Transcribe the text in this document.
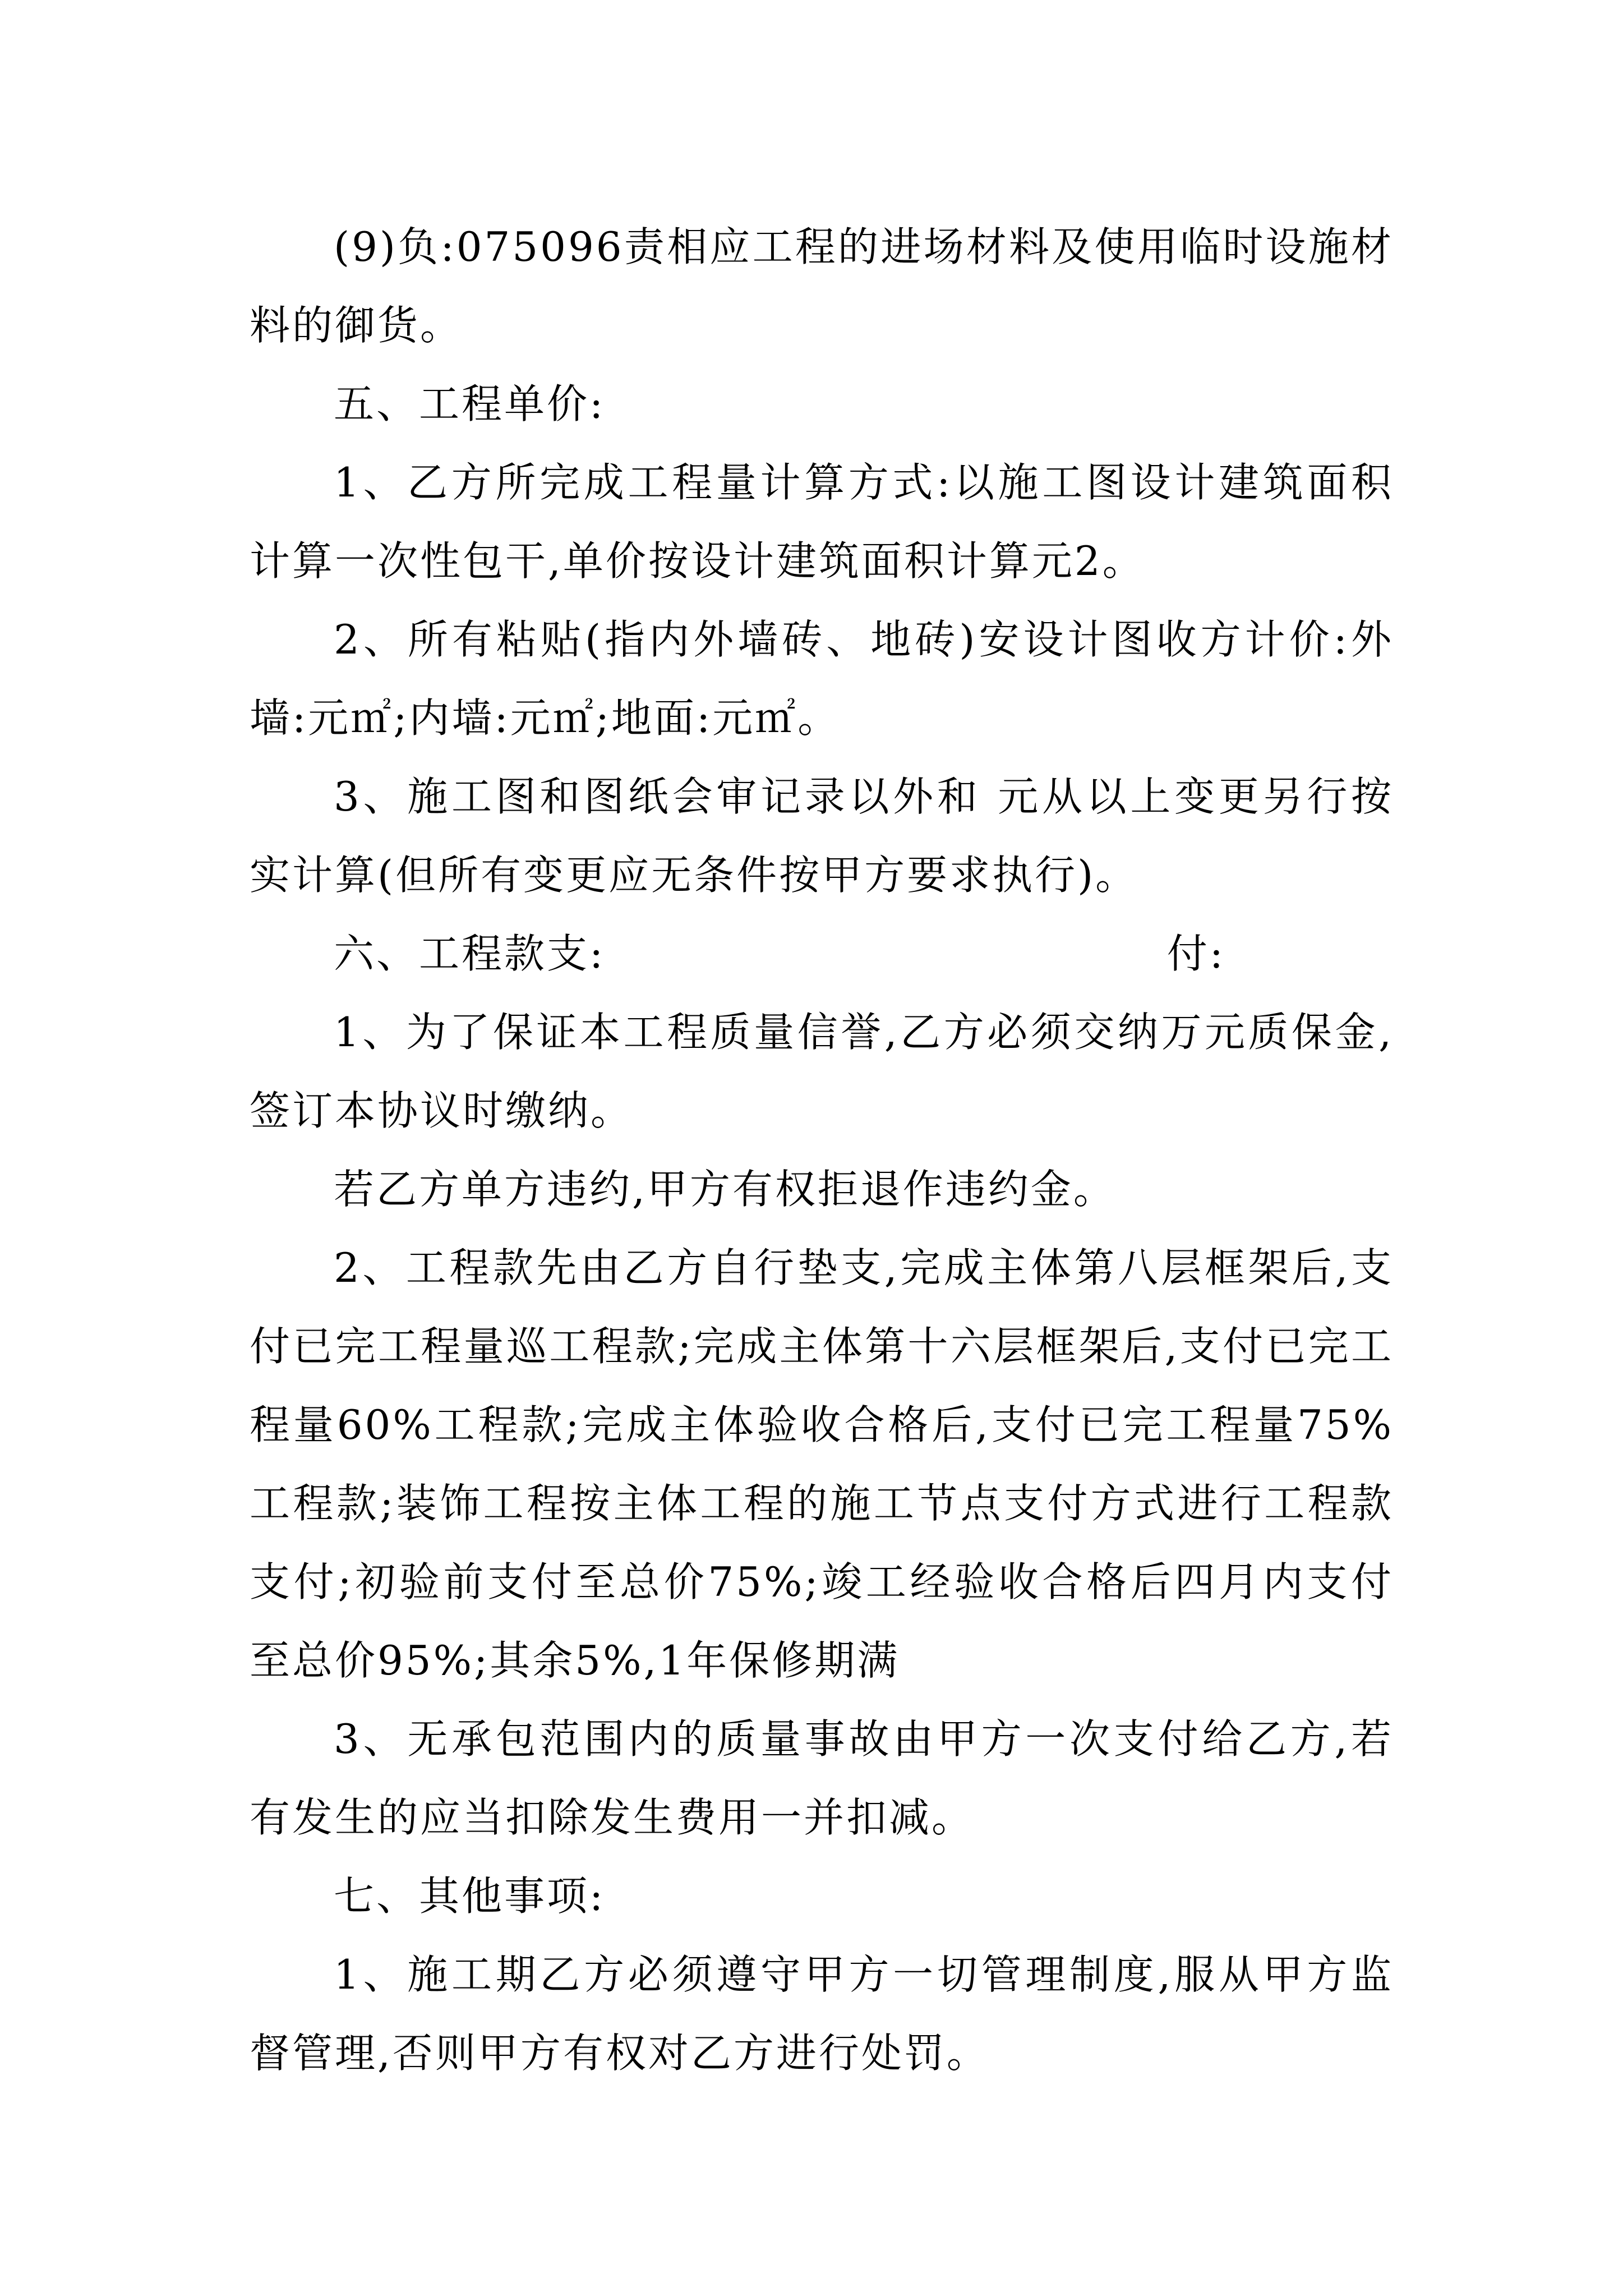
(9)负:075096责相应工程的进场材料及使用临时设施材料的御货。

五、工程单价:

1、乙方所完成工程量计算方式:以施工图设计建筑面积计算一次性包干,单价按设计建筑面积计算元2。

2、所有粘贴(指内外墙砖、地砖)安设计图收方计价:外墙:元㎡;内墙:元㎡;地面:元㎡。

3、施工图和图纸会审记录以外和 元从以上变更另行按实计算(但所有变更应无条件按甲方要求执行)。

六、工程款支:	付:

1、为了保证本工程质量信誉,乙方必须交纳万元质保金,签订本协议时缴纳。

若乙方单方违约,甲方有权拒退作违约金。

2、工程款先由乙方自行垫支,完成主体第八层框架后,支付已完工程量巡工程款;完成主体第十六层框架后,支付已完工程量60%工程款;完成主体验收合格后,支付已完工程量75%工程款;装饰工程按主体工程的施工节点支付方式进行工程款支付;初验前支付至总价75%;竣工经验收合格后四月内支付至总价95%;其余5%,1年保修期满

3、无承包范围内的质量事故由甲方一次支付给乙方,若有发生的应当扣除发生费用一并扣减。

七、其他事项:

1、施工期乙方必须遵守甲方一切管理制度,服从甲方监督管理,否则甲方有权对乙方进行处罚。
